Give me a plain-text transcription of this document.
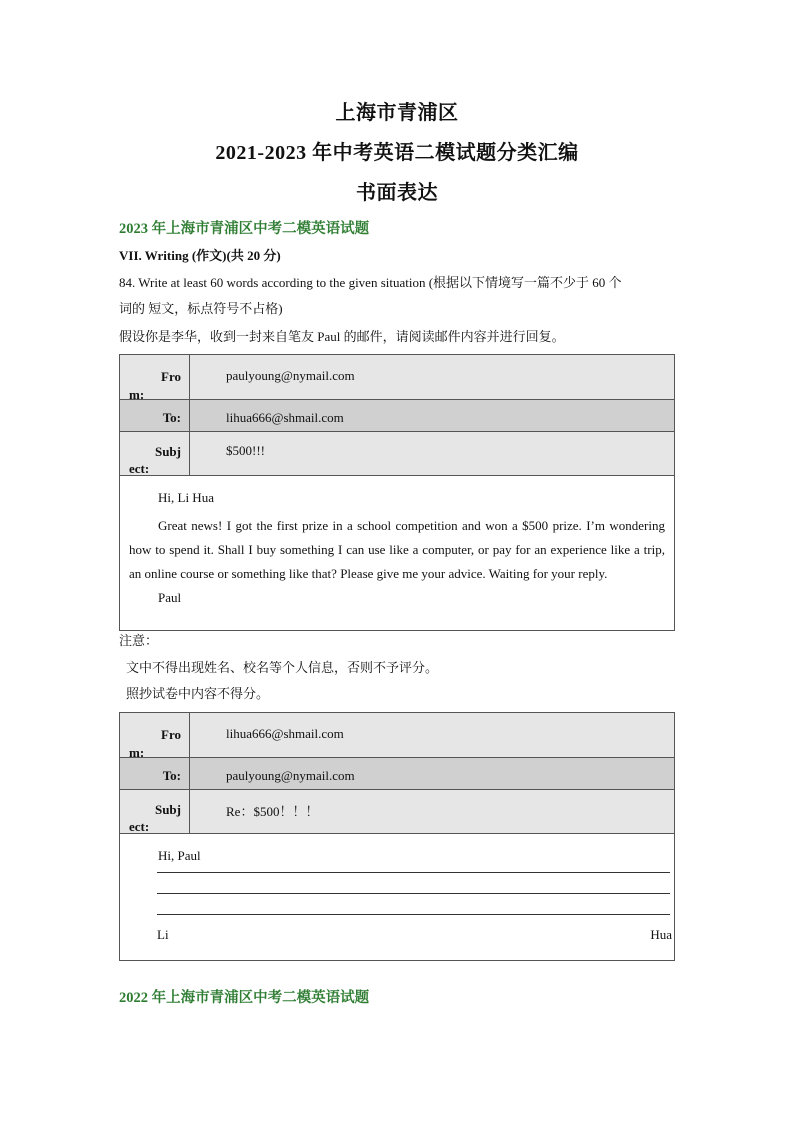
上海市青浦区
2021-2023 年中考英语二模试题分类汇编
书面表达
2023 年上海市青浦区中考二模英语试题
VII. Writing (作文)(共 20 分)
84. Write at least 60 words according to the given situation (根据以下情境写一篇不少于 60 个
词的 短文，标点符号不占格)
假设你是李华，收到一封来自笔友 Paul 的邮件，请阅读邮件内容并进行回复。
Fro
m:	paulyoung@nymail.com

To:	lihua666@shmail.com

Subj
ect:	$500!!!

Hi, Li Hua
Great news! I got the first prize in a school competition and won a $500 prize. I’m wondering how to spend it. Shall I buy something I can use like a computer, or pay for an experience like a trip, an online course or something like that? Please give me your advice. Waiting for your reply.
Paul	
注意：
文中不得出现姓名、校名等个人信息，否则不予评分。
照抄试卷中内容不得分。
Fro
m:	lihua666@shmail.com

To:	paulyoung@nymail.com

Subj
ect:	Re：$500！！！

Hi, Paul
Li Hua	
2022 年上海市青浦区中考二模英语试题
